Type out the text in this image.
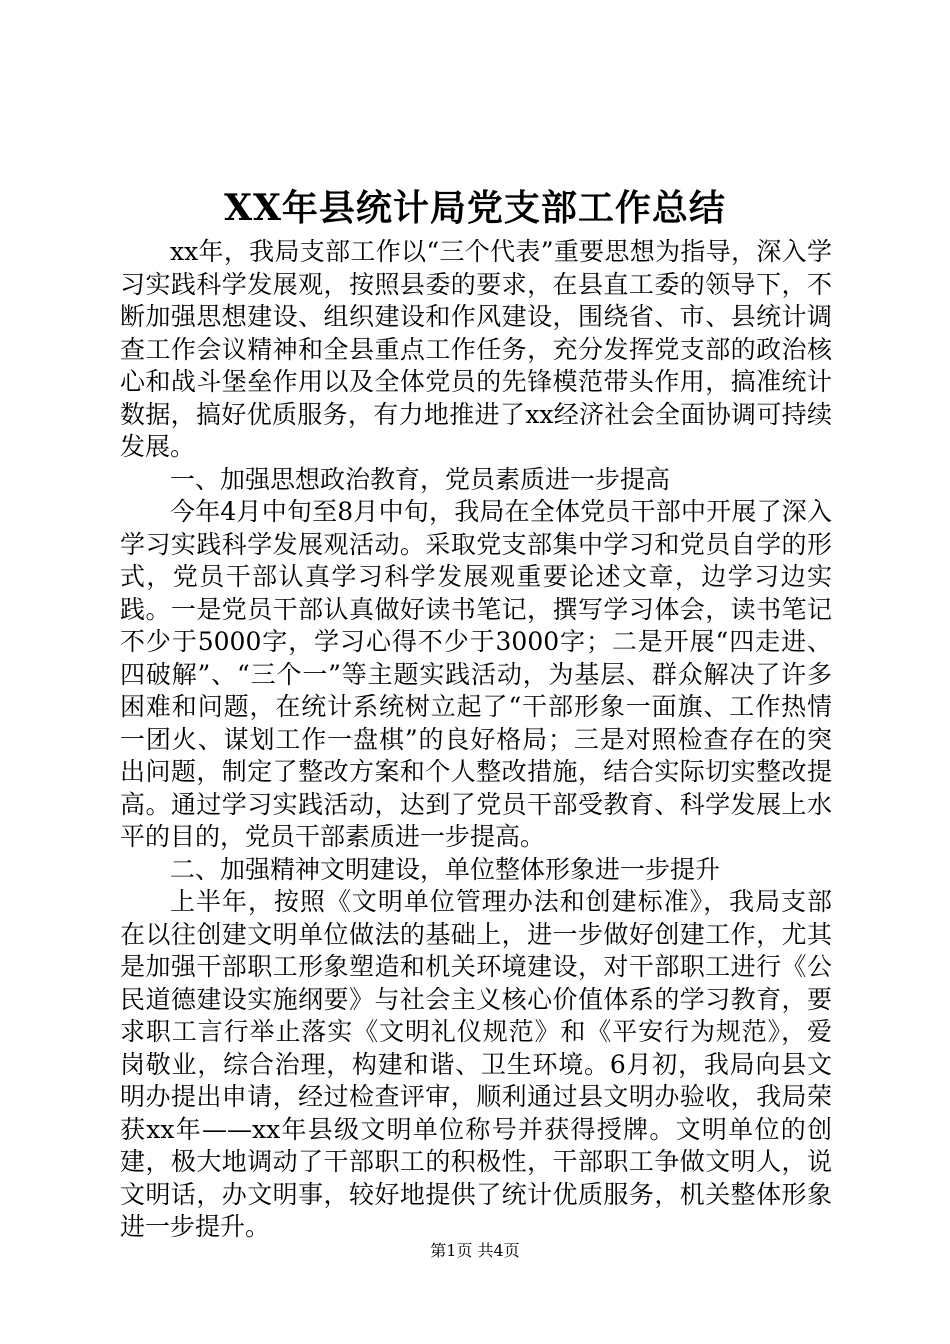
XX年县统计局党支部工作总结

xx年，我局支部工作以“三个代表”重要思想为指导，深入学习实践科学发展观，按照县委的要求，在县直工委的领导下，不断加强思想建设、组织建设和作风建设，围绕省、市、县统计调查工作会议精神和全县重点工作任务，充分发挥党支部的政治核心和战斗堡垒作用以及全体党员的先锋模范带头作用，搞准统计数据，搞好优质服务，有力地推进了xx经济社会全面协调可持续发展。

一、加强思想政治教育，党员素质进一步提高

今年4月中旬至8月中旬，我局在全体党员干部中开展了深入学习实践科学发展观活动。采取党支部集中学习和党员自学的形式，党员干部认真学习科学发展观重要论述文章，边学习边实践。一是党员干部认真做好读书笔记，撰写学习体会，读书笔记不少于5000字，学习心得不少于3000字；二是开展“四走进、四破解”、“三个一”等主题实践活动，为基层、群众解决了许多困难和问题，在统计系统树立起了“干部形象一面旗、工作热情一团火、谋划工作一盘棋”的良好格局；三是对照检查存在的突出问题，制定了整改方案和个人整改措施，结合实际切实整改提高。通过学习实践活动，达到了党员干部受教育、科学发展上水平的目的，党员干部素质进一步提高。

二、加强精神文明建设，单位整体形象进一步提升

上半年，按照《文明单位管理办法和创建标准》，我局支部在以往创建文明单位做法的基础上，进一步做好创建工作，尤其是加强干部职工形象塑造和机关环境建设，对干部职工进行《公民道德建设实施纲要》与社会主义核心价值体系的学习教育，要求职工言行举止落实《文明礼仪规范》和《平安行为规范》，爱岗敬业，综合治理，构建和谐、卫生环境。6月初，我局向县文明办提出申请，经过检查评审，顺利通过县文明办验收，我局荣获xx年——xx年县级文明单位称号并获得授牌。文明单位的创建，极大地调动了干部职工的积极性，干部职工争做文明人，说文明话，办文明事，较好地提供了统计优质服务，机关整体形象进一步提升。

第1页 共4页
